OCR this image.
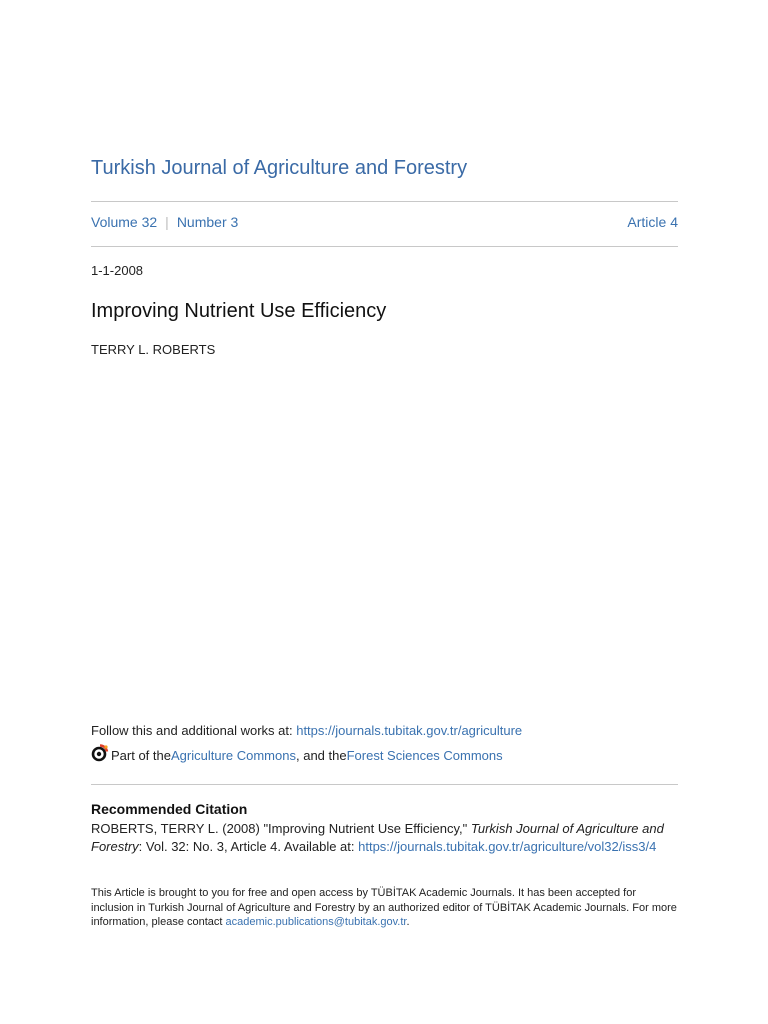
Turkish Journal of Agriculture and Forestry
Volume 32 | Number 3	Article 4
1-1-2008
Improving Nutrient Use Efficiency
TERRY L. ROBERTS
Follow this and additional works at: https://journals.tubitak.gov.tr/agriculture
Part of the Agriculture Commons , and the Forest Sciences Commons
Recommended Citation
ROBERTS, TERRY L. (2008) "Improving Nutrient Use Efficiency," Turkish Journal of Agriculture and Forestry: Vol. 32: No. 3, Article 4. Available at: https://journals.tubitak.gov.tr/agriculture/vol32/iss3/4
This Article is brought to you for free and open access by TÜBİTAK Academic Journals. It has been accepted for inclusion in Turkish Journal of Agriculture and Forestry by an authorized editor of TÜBİTAK Academic Journals. For more information, please contact academic.publications@tubitak.gov.tr.
